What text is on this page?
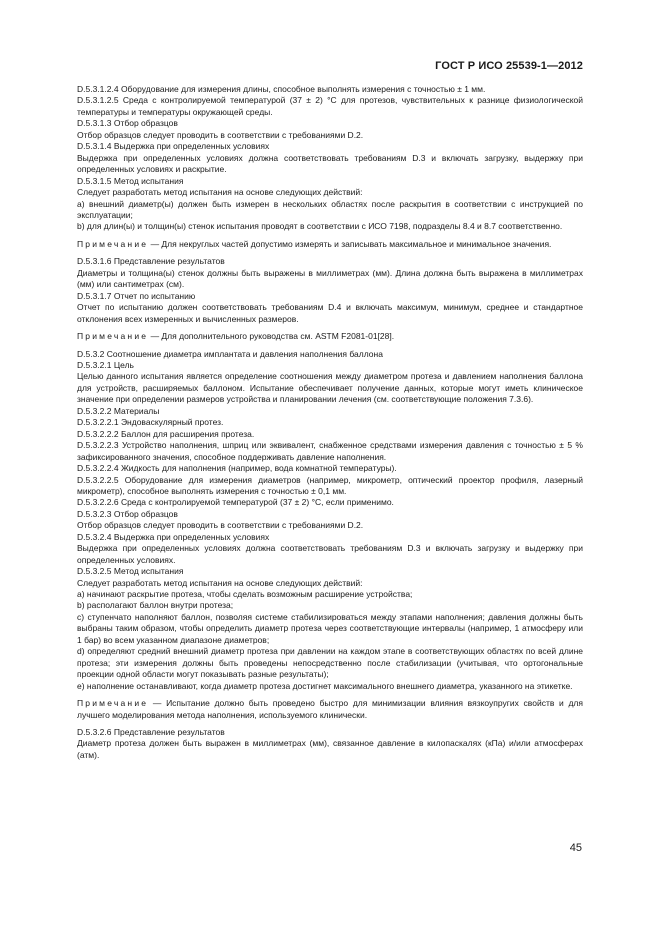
ГОСТ Р ИСО 25539-1—2012

D.5.3.1.2.4 Оборудование для измерения длины, способное выполнять измерения с точностью ± 1 мм.

D.5.3.1.2.5 Среда с контролируемой температурой (37 ± 2) °С для протезов, чувствительных к разнице физиологической температуры и температуры окружающей среды.

D.5.3.1.3 Отбор образцов

Отбор образцов следует проводить в соответствии с требованиями D.2.

D.5.3.1.4 Выдержка при определенных условиях

Выдержка при определенных условиях должна соответствовать требованиям D.3 и включать загрузку, выдержку при определенных условиях и раскрытие.

D.5.3.1.5 Метод испытания

Следует разработать метод испытания на основе следующих действий:

a) внешний диаметр(ы) должен быть измерен в нескольких областях после раскрытия в соответствии с инструкцией по эксплуатации;

b) для длин(ы) и толщин(ы) стенок испытания проводят в соответствии с ИСО 7198, подразделы 8.4 и 8.7 соответственно.

Примечание — Для некруглых частей допустимо измерять и записывать максимальное и минимальное значения.

D.5.3.1.6 Представление результатов

Диаметры и толщина(ы) стенок должны быть выражены в миллиметрах (мм). Длина должна быть выражена в миллиметрах (мм) или сантиметрах (см).

D.5.3.1.7 Отчет по испытанию

Отчет по испытанию должен соответствовать требованиям D.4 и включать максимум, минимум, среднее и стандартное отклонения всех измеренных и вычисленных размеров.

Примечание — Для дополнительного руководства см. ASTM F2081-01[28].

D.5.3.2 Соотношение диаметра имплантата и давления наполнения баллона

D.5.3.2.1 Цель

Целью данного испытания является определение соотношения между диаметром протеза и давлением наполнения баллона для устройств, расширяемых баллоном. Испытание обеспечивает получение данных, которые могут иметь клиническое значение при определении размеров устройства и планировании лечения (см. соответствующие положения 7.3.6).

D.5.3.2.2 Материалы

D.5.3.2.2.1 Эндоваскулярный протез.

D.5.3.2.2.2 Баллон для расширения протеза.

D.5.3.2.2.3 Устройство наполнения, шприц или эквивалент, снабженное средствами измерения давления с точностью ± 5 % зафиксированного значения, способное поддерживать давление наполнения.

D.5.3.2.2.4 Жидкость для наполнения (например, вода комнатной температуры).

D.5.3.2.2.5 Оборудование для измерения диаметров (например, микрометр, оптический проектор профиля, лазерный микрометр), способное выполнять измерения с точностью ± 0,1 мм.

D.5.3.2.2.6 Среда с контролируемой температурой (37 ± 2) °С, если применимо.

D.5.3.2.3 Отбор образцов

Отбор образцов следует проводить в соответствии с требованиями D.2.

D.5.3.2.4 Выдержка при определенных условиях

Выдержка при определенных условиях должна соответствовать требованиям D.3 и включать загрузку и выдержку при определенных условиях.

D.5.3.2.5 Метод испытания

Следует разработать метод испытания на основе следующих действий:

a) начинают раскрытие протеза, чтобы сделать возможным расширение устройства;

b) располагают баллон внутри протеза;

c) ступенчато наполняют баллон, позволяя системе стабилизироваться между этапами наполнения; давления должны быть выбраны таким образом, чтобы определить диаметр протеза через соответствующие интервалы (например, 1 атмосферу или 1 бар) во всем указанном диапазоне диаметров;

d) определяют средний внешний диаметр протеза при давлении на каждом этапе в соответствующих областях по всей длине протеза; эти измерения должны быть проведены непосредственно после стабилизации (учитывая, что ортогональные проекции одной области могут показывать разные результаты);

e) наполнение останавливают, когда диаметр протеза достигнет максимального внешнего диаметра, указанного на этикетке.

Примечание — Испытание должно быть проведено быстро для минимизации влияния вязкоупругих свойств и для лучшего моделирования метода наполнения, используемого клинически.

D.5.3.2.6 Представление результатов

Диаметр протеза должен быть выражен в миллиметрах (мм), связанное давление в килопаскалях (кПа) и/или атмосферах (атм).

45
